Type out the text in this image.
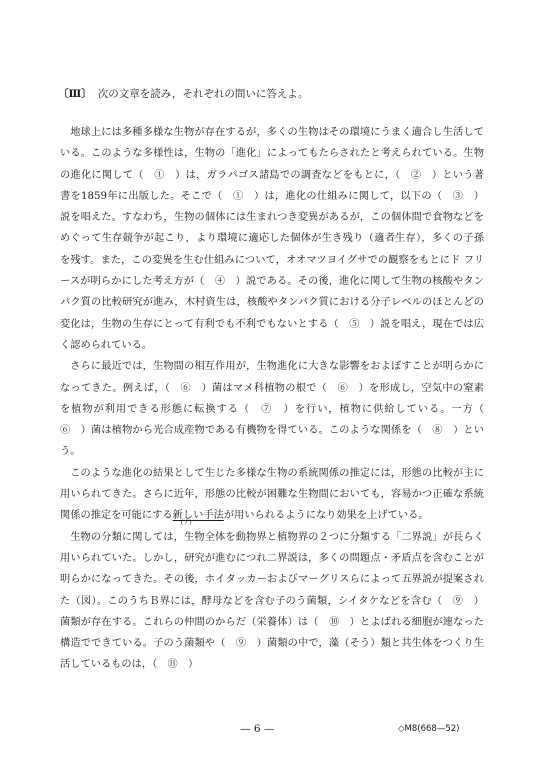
〔Ⅲ〕 次の文章を読み，それぞれの問いに答えよ。

地球上には多種多様な生物が存在するが，多くの生物はその環境にうまく適合し生活している。このような多様性は，生物の「進化」によってもたらされたと考えられている。生物の進化に関して（　①　）は，ガラパゴス諸島での調査などをもとに，（　②　）という著書を1859年に出版した。そこで（　①　）は，進化の仕組みに関して，以下の（　③　）説を唱えた。すなわち，生物の個体には生まれつき変異があるが，この個体間で食物などをめぐって生存競争が起こり，より環境に適応した個体が生き残り（適者生存），多くの子孫を残す。また，この変異を生む仕組みについて，オオマツヨイグサでの観察をもとにド フリースが明らかにした考え方が（　④　）説である。その後，進化に関して生物の核酸やタンパク質の比較研究が進み，木村資生は，核酸やタンパク質における分子レベルのほとんどの変化は，生物の生存にとって有利でも不利でもないとする（　⑤　）説を唱え，現在では広く認められている。

さらに最近では，生物間の相互作用が，生物進化に大きな影響をおよぼすことが明らかになってきた。例えば，（　⑥　）菌はマメ科植物の根で（　⑥　）を形成し，空気中の窒素を植物が利用できる形態に転換する（　⑦　）を行い，植物に供給している。一方（　⑥　）菌は植物から光合成産物である有機物を得ている。このような関係を（　⑧　）という。

このような進化の結果として生じた多様な生物の系統関係の推定には，形態の比較が主に用いられてきた。さらに近年，形態の比較が困難な生物間においても，容易かつ正確な系統関係の推定を可能にする
(ア)
新しい手法が用いられるようになり効果を上げている。

生物の分類に関しては，生物全体を動物界と植物界の２つに分類する「二界説」が長らく用いられていた。しかし，研究が進むにつれ二界説は，多くの問題点・矛盾点を含むことが明らかになってきた。その後，ホイタッカーおよびマーグリスらによって五界説が提案された（図）。このうちＢ界には，酵母などを含む子のう菌類，シイタケなどを含む（　⑨　）菌類が存在する。これらの仲間のからだ（栄養体）は（　⑩　）とよばれる細胞が連なった構造でできている。子のう菌類や（　⑨　）菌類の中で，藻（そう）類と共生体をつくり生活しているものは，（　⑪　）

— 6 —	◇M8(668—52)
